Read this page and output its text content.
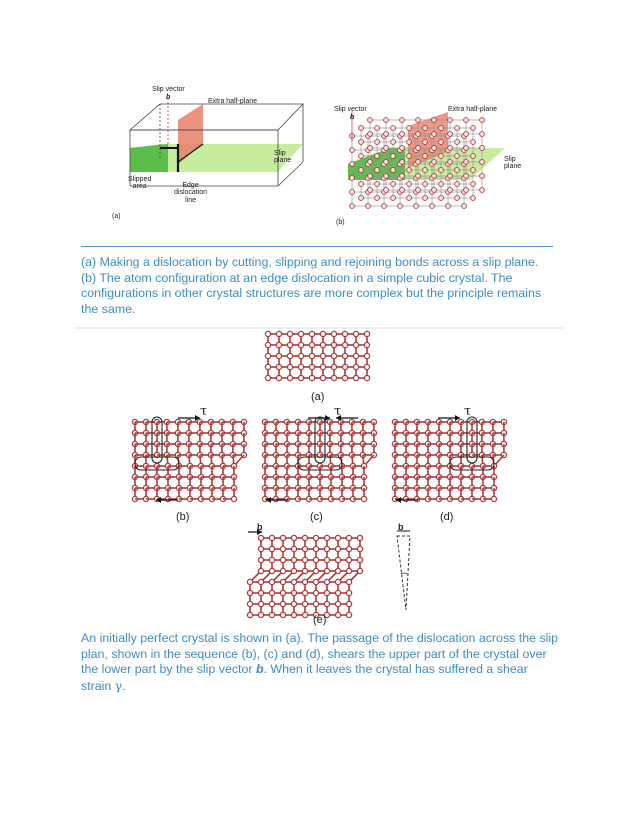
Slip vector
b
Extra half-plane
Slip
plane
Slipped
area	Edge
dislocation
line
(a)
Slip vector
b
Extra half-plane
Slip
plane
(b)
(a) Making a dislocation by cutting, slipping and rejoining bonds across a slip plane. (b) The atom configuration at an edge dislocation in a simple cubic crystal. The configurations in other crystal structures are more complex but the principle remains the same.
(a)
(b)	(c)	(d)
(e)
τ	τ	τ
b	b
An initially perfect crystal is shown in (a). The passage of the dislocation across the slip plan, shown in the sequence (b), (c) and (d), shears the upper part of the crystal over the lower part by the slip vector b. When it leaves the crystal has suffered a shear strain γ.
